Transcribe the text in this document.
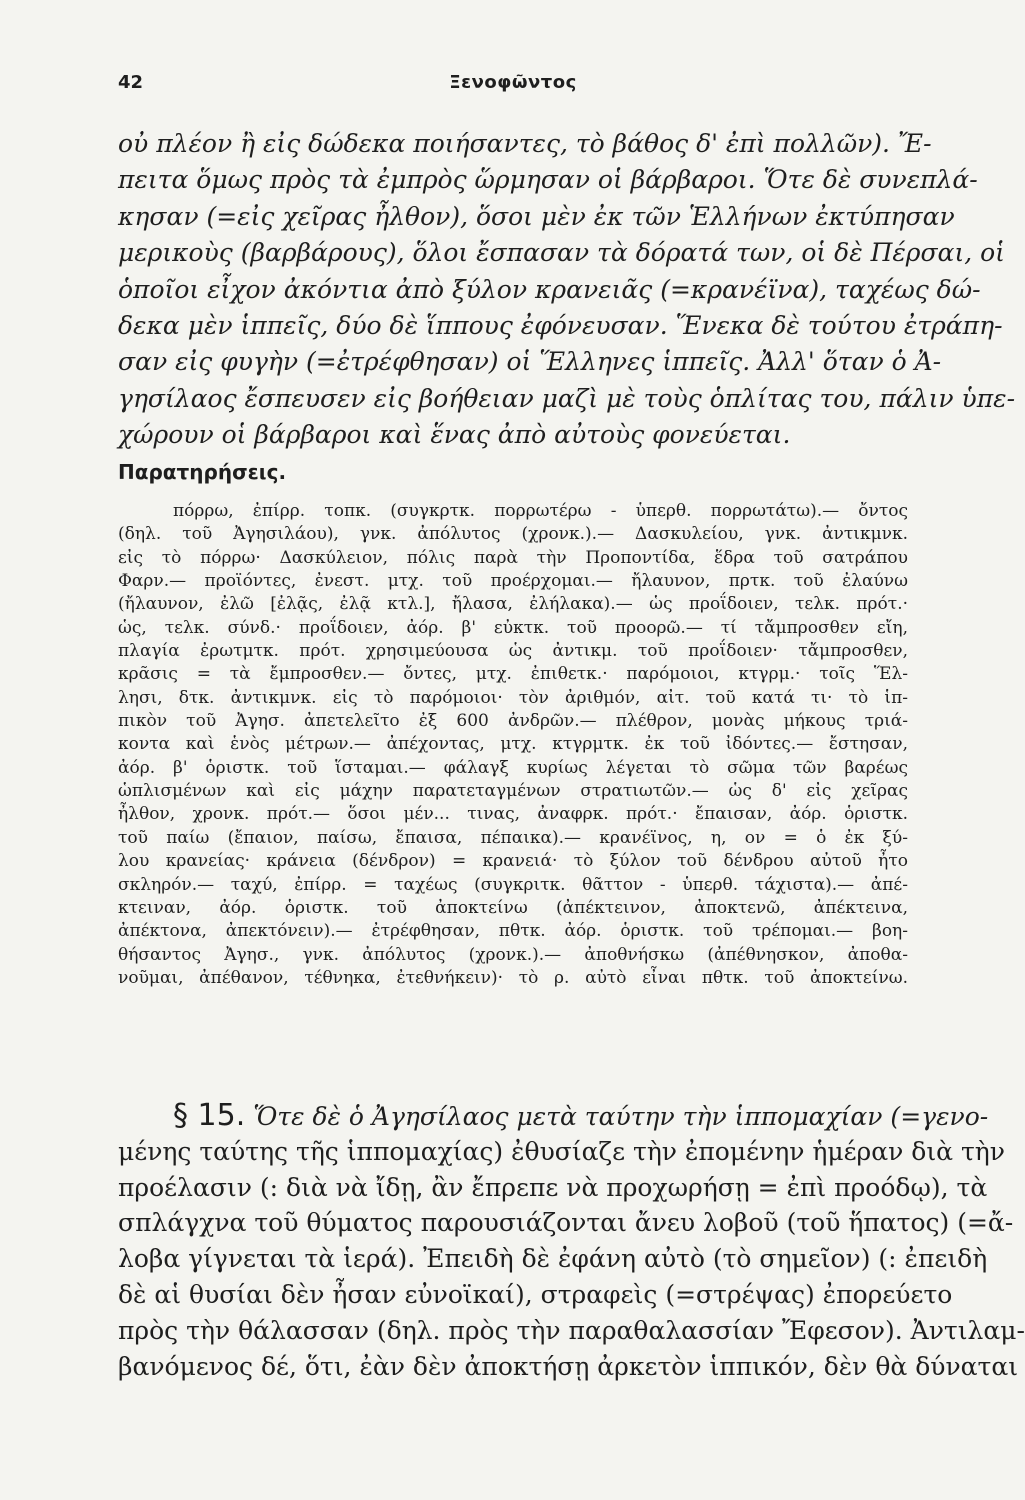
42	Ξενοφῶντος
οὐ πλέον ἢ εἰς δώδεκα ποιήσαντες, τὸ βάθος δ' ἐπὶ πολλῶν). Ἔ-
πειτα ὅμως πρὸς τὰ ἐμπρὸς ὥρμησαν οἱ βάρβαροι. Ὅτε δὲ συνεπλά-
κησαν (=εἰς χεῖρας ἦλθον), ὅσοι μὲν ἐκ τῶν Ἑλλήνων ἐκτύπησαν
μερικοὺς (βαρβάρους), ὅλοι ἔσπασαν τὰ δόρατά των, οἱ δὲ Πέρσαι, οἱ
ὁποῖοι εἶχον ἀκόντια ἀπὸ ξύλον κρανειᾶς (=κρανέϊνα), ταχέως δώ-
δεκα μὲν ἱππεῖς, δύο δὲ ἵππους ἐφόνευσαν. Ἕνεκα δὲ τούτου ἐτράπη-
σαν εἰς φυγὴν (=ἐτρέφθησαν) οἱ Ἕλληνες ἱππεῖς. Ἀλλ' ὅταν ὁ Ἀ-
γησίλαος ἔσπευσεν εἰς βοήθειαν μαζὶ μὲ τοὺς ὁπλίτας του, πάλιν ὑπε-
χώρουν οἱ βάρβαροι καὶ ἕνας ἀπὸ αὐτοὺς φονεύεται.
Παρατηρήσεις.
πόρρω, ἐπίρρ. τοπκ. (συγκρτκ. πορρωτέρω - ὑπερθ. πορρωτάτω).— ὄντος
(δηλ. τοῦ Ἀγησιλάου), γνκ. ἀπόλυτος (χρονκ.).— Δασκυλείου, γνκ. ἀντικμνκ.
εἰς τὸ πόρρω· Δασκύλειον, πόλις παρὰ τὴν Προποντίδα, ἕδρα τοῦ σατράπου
Φαρν.— προϊόντες, ἐνεστ. μτχ. τοῦ προέρχομαι.— ἤλαυνον, πρτκ. τοῦ ἐλαύνω
(ἤλαυνον, ἐλῶ [ἐλᾷς, ἐλᾷ κτλ.], ἤλασα, ἐλήλακα).— ὡς προΐδοιεν, τελκ. πρότ.·
ὡς, τελκ. σύνδ.· προΐδοιεν, ἀόρ. β' εὐκτκ. τοῦ προορῶ.— τί τἄμπροσθεν εἴη,
πλαγία ἐρωτμτκ. πρότ. χρησιμεύουσα ὡς ἀντικμ. τοῦ προΐδοιεν· τἄμπροσθεν,
κρᾶσις = τὰ ἔμπροσθεν.— ὄντες, μτχ. ἐπιθετκ.· παρόμοιοι, κτγρμ.· τοῖς Ἕλ-
λησι, δτκ. ἀντικμνκ. εἰς τὸ παρόμοιοι· τὸν ἀριθμόν, αἰτ. τοῦ κατά τι· τὸ ἱπ-
πικὸν τοῦ Ἀγησ. ἀπετελεῖτο ἐξ 600 ἀνδρῶν.— πλέθρον, μονὰς μήκους τριά-
κοντα καὶ ἑνὸς μέτρων.— ἀπέχοντας, μτχ. κτγρμτκ. ἐκ τοῦ ἰδόντες.— ἔστησαν,
ἀόρ. β' ὁριστκ. τοῦ ἵσταμαι.— φάλαγξ κυρίως λέγεται τὸ σῶμα τῶν βαρέως
ὡπλισμένων καὶ εἰς μάχην παρατεταγμένων στρατιωτῶν.— ὡς δ' εἰς χεῖρας
ἦλθον, χρονκ. πρότ.— ὅσοι μέν... τινας, ἀναφρκ. πρότ.· ἔπαισαν, ἀόρ. ὁριστκ.
τοῦ παίω (ἔπαιον, παίσω, ἔπαισα, πέπαικα).— κρανέϊνος, η, ον = ὁ ἐκ ξύ-
λου κρανείας· κράνεια (δένδρον) = κρανειά· τὸ ξύλον τοῦ δένδρου αὐτοῦ ἦτο
σκληρόν.— ταχύ, ἐπίρρ. = ταχέως (συγκριτκ. θᾶττον - ὑπερθ. τάχιστα).— ἀπέ-
κτειναν, ἀόρ. ὁριστκ. τοῦ ἀποκτείνω (ἀπέκτεινον, ἀποκτενῶ, ἀπέκτεινα,
ἀπέκτονα, ἀπεκτόνειν).— ἐτρέφθησαν, πθτκ. ἀόρ. ὁριστκ. τοῦ τρέπομαι.— βοη-
θήσαντος Ἀγησ., γνκ. ἀπόλυτος (χρονκ.).— ἀποθνήσκω (ἀπέθνησκον, ἀποθα-
νοῦμαι, ἀπέθανον, τέθνηκα, ἐτεθνήκειν)· τὸ ρ. αὐτὸ εἶναι πθτκ. τοῦ ἀποκτείνω.
§ 15. Ὅτε δὲ ὁ Ἀγησίλαος μετὰ ταύτην τὴν ἱππομαχίαν (=γενο-
μένης ταύτης τῆς ἱππομαχίας) ἐθυσίαζε τὴν ἐπομένην ἡμέραν διὰ τὴν
προέλασιν (: διὰ νὰ ἴδῃ, ἂν ἔπρεπε νὰ προχωρήσῃ = ἐπὶ προόδῳ), τὰ
σπλάγχνα τοῦ θύματος παρουσιάζονται ἄνευ λοβοῦ (τοῦ ἥπατος) (=ἄ-
λοβα γίγνεται τὰ ἱερά). Ἐπειδὴ δὲ ἐφάνη αὐτὸ (τὸ σημεῖον) (: ἐπειδὴ
δὲ αἱ θυσίαι δὲν ἦσαν εὐνοϊκαί), στραφεὶς (=στρέψας) ἐπορεύετο
πρὸς τὴν θάλασσαν (δηλ. πρὸς τὴν παραθαλασσίαν Ἔφεσον). Ἀντιλαμ-
βανόμενος δέ, ὅτι, ἐὰν δὲν ἀποκτήσῃ ἀρκετὸν ἱππικόν, δὲν θὰ δύναται
